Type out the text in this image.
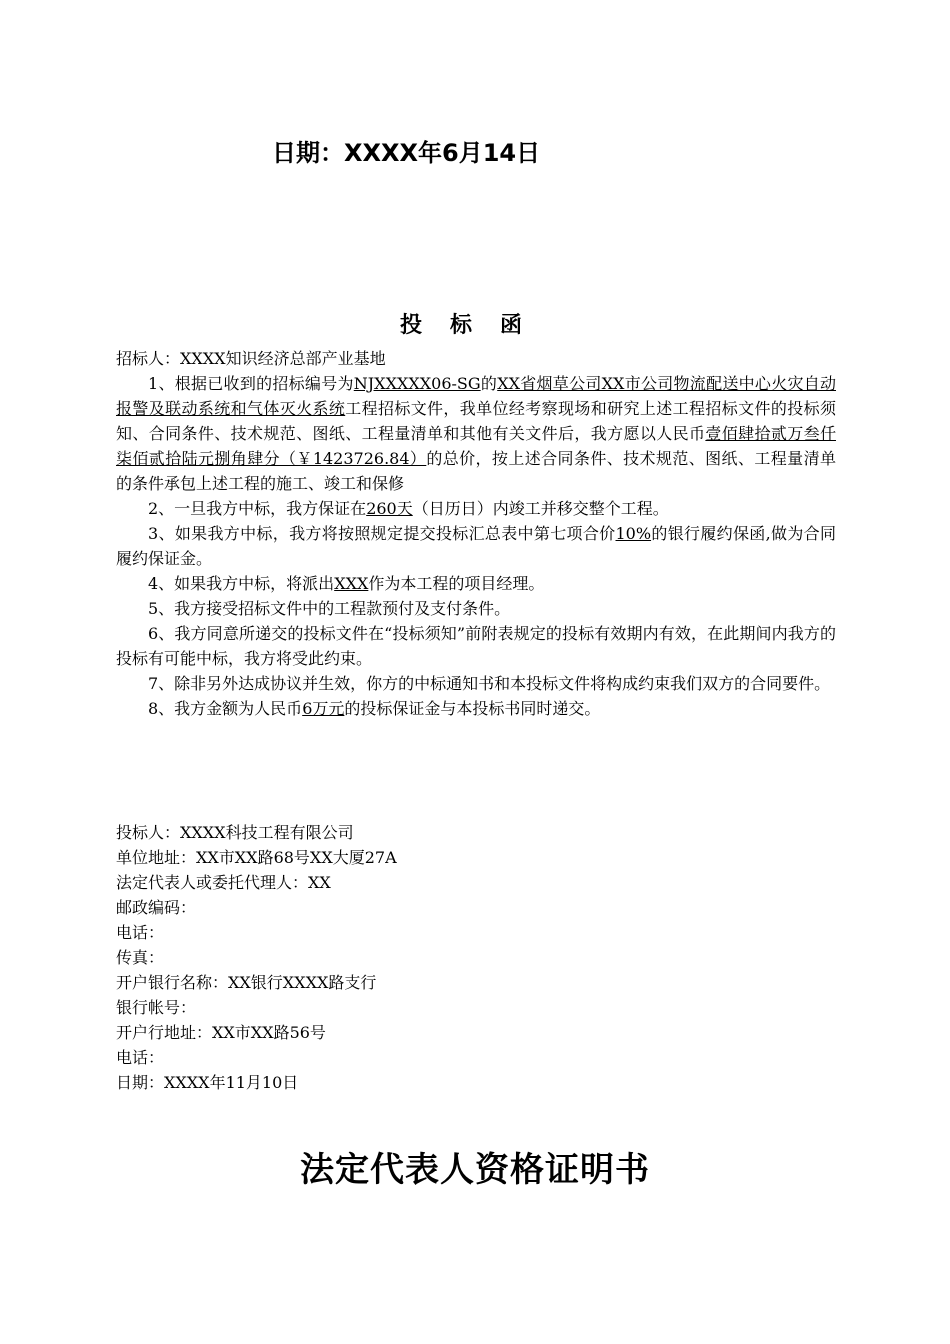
日期：XXXX年6月14日
投标函

招标人：XXXX知识经济总部产业基地

1、根据已收到的招标编号为NJXXXXX06-SG的XX省烟草公司XX市公司物流配送中心火灾自动报警及联动系统和气体灭火系统工程招标文件，我单位经考察现场和研究上述工程招标文件的投标须知、合同条件、技术规范、图纸、工程量清单和其他有关文件后，我方愿以人民币壹佰肆拾贰万叁仟柒佰贰拾陆元捌角肆分（￥1423726.84）的总价，按上述合同条件、技术规范、图纸、工程量清单的条件承包上述工程的施工、竣工和保修

2、一旦我方中标，我方保证在260天（日历日）内竣工并移交整个工程。

3、如果我方中标，我方将按照规定提交投标汇总表中第七项合价10%的银行履约保函,做为合同履约保证金。

4、如果我方中标，将派出XXX作为本工程的项目经理。

5、我方接受招标文件中的工程款预付及支付条件。

6、我方同意所递交的投标文件在“投标须知”前附表规定的投标有效期内有效，在此期间内我方的投标有可能中标，我方将受此约束。

7、除非另外达成协议并生效，你方的中标通知书和本投标文件将构成约束我们双方的合同要件。

8、我方金额为人民币6万元的投标保证金与本投标书同时递交。

投标人：XXXX科技工程有限公司
单位地址：XX市XX路68号XX大厦27A
法定代表人或委托代理人：XX
邮政编码：
电话：
传真：
开户银行名称：XX银行XXXX路支行
银行帐号：
开户行地址：XX市XX路56号
电话：
日期：XXXX年11月10日
法定代表人资格证明书
